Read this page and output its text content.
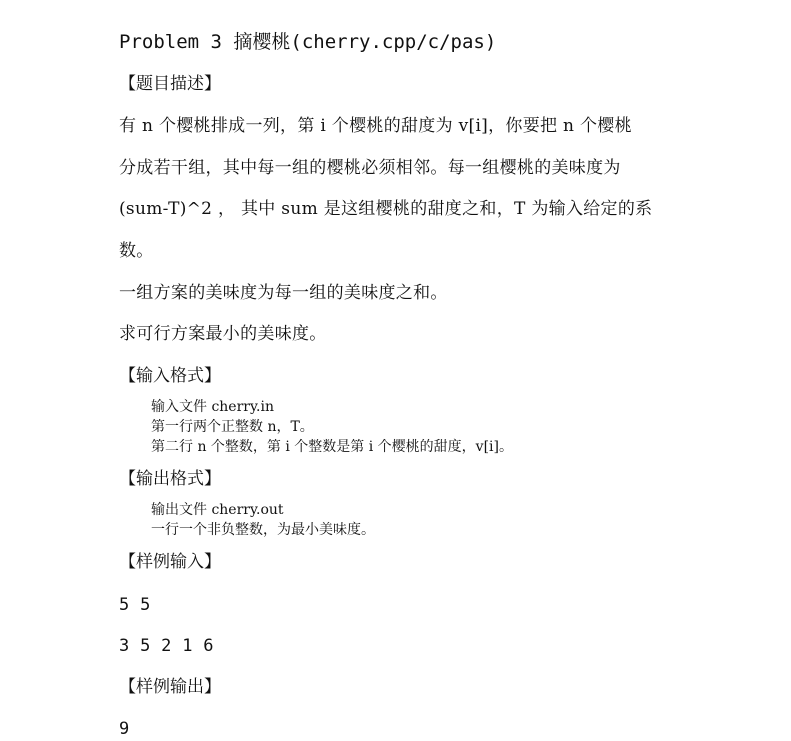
Problem 3 摘樱桃(cherry.cpp/c/pas)
【题目描述】
有 n 个樱桃排成一列，第 i 个樱桃的甜度为 v[i]，你要把 n 个樱桃
分成若干组，其中每一组的樱桃必须相邻。每一组樱桃的美味度为
(sum-T)^2 ， 其中 sum 是这组樱桃的甜度之和，T 为输入给定的系
数。
一组方案的美味度为每一组的美味度之和。
求可行方案最小的美味度。
【输入格式】
输入文件 cherry.in
第一行两个正整数 n，T。
第二行 n 个整数，第 i 个整数是第 i 个樱桃的甜度，v[i]。
【输出格式】
输出文件 cherry.out
一行一个非负整数，为最小美味度。
【样例输入】
5 5
3 5 2 1 6
【样例输出】
9
